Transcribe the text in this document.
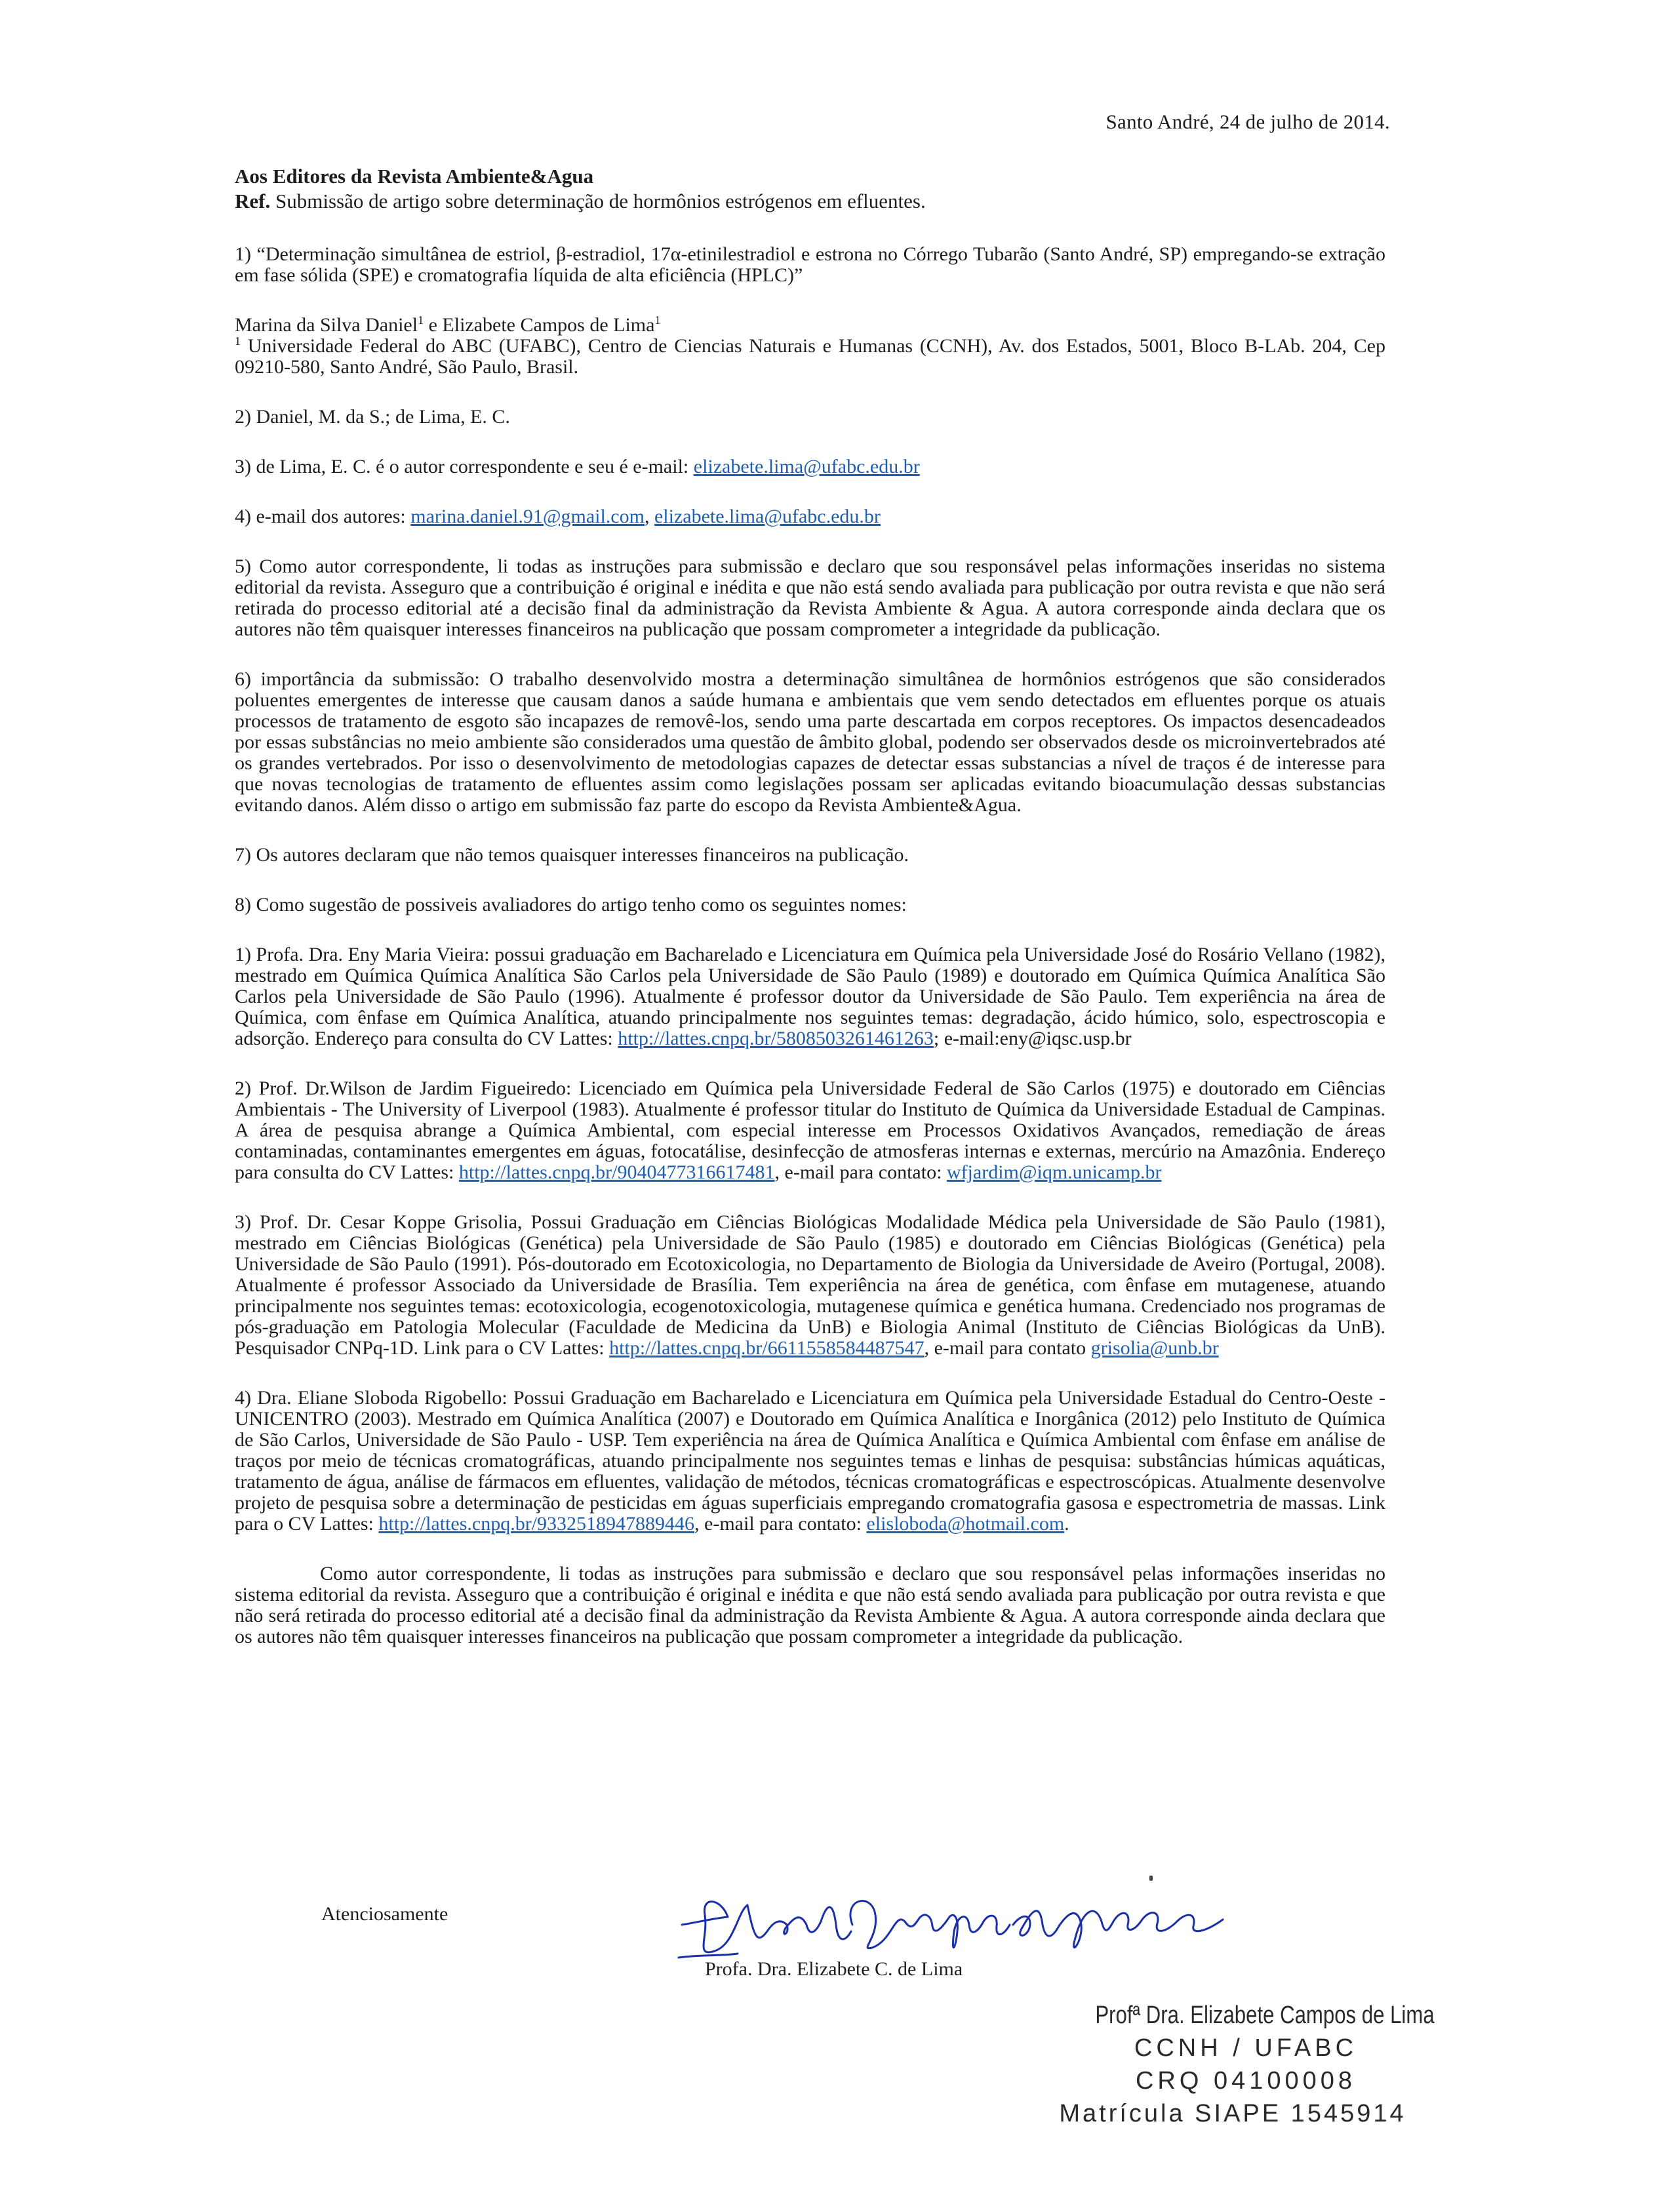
Santo André, 24 de julho de 2014.
Aos Editores da Revista Ambiente&Agua
Ref. Submissão de artigo sobre determinação de hormônios estrógenos em efluentes.

1) “Determinação simultânea de estriol, β-estradiol, 17α-etinilestradiol e estrona no Córrego Tubarão (Santo André, SP) empregando-se extração em fase sólida (SPE) e cromatografia líquida de alta eficiência (HPLC)”

Marina da Silva Daniel$^1$ e Elizabete Campos de Lima$^1$

$^1$ Universidade Federal do ABC (UFABC), Centro de Ciencias Naturais e Humanas (CCNH), Av. dos Estados, 5001, Bloco B-LAb. 204, Cep 09210-580, Santo André, São Paulo, Brasil.

2) Daniel, M. da S.; de Lima, E. C.

3) de Lima, E. C. é o autor correspondente e seu é e-mail: elizabete.lima@ufabc.edu.br

4) e-mail dos autores: marina.daniel.91@gmail.com, elizabete.lima@ufabc.edu.br

5) Como autor correspondente, li todas as instruções para submissão e declaro que sou responsável pelas informações inseridas no sistema editorial da revista. Asseguro que a contribuição é original e inédita e que não está sendo avaliada para publicação por outra revista e que não será retirada do processo editorial até a decisão final da administração da Revista Ambiente & Agua. A autora corresponde ainda declara que os autores não têm quaisquer interesses financeiros na publicação que possam comprometer a integridade da publicação.

6) importância da submissão: O trabalho desenvolvido mostra a determinação simultânea de hormônios estrógenos que são considerados poluentes emergentes de interesse que causam danos a saúde humana e ambientais que vem sendo detectados em efluentes porque os atuais processos de tratamento de esgoto são incapazes de removê-los, sendo uma parte descartada em corpos receptores. Os impactos desencadeados por essas substâncias no meio ambiente são considerados uma questão de âmbito global, podendo ser observados desde os microinvertebrados até os grandes vertebrados. Por isso o desenvolvimento de metodologias capazes de detectar essas substancias a nível de traços é de interesse para que novas tecnologias de tratamento de efluentes assim como legislações possam ser aplicadas evitando bioacumulação dessas substancias evitando danos. Além disso o artigo em submissão faz parte do escopo da Revista Ambiente&Agua.

7) Os autores declaram que não temos quaisquer interesses financeiros na publicação.

8) Como sugestão de possiveis avaliadores do artigo tenho como os seguintes nomes:

1) Profa. Dra. Eny Maria Vieira: possui graduação em Bacharelado e Licenciatura em Química pela Universidade José do Rosário Vellano (1982), mestrado em Química Química Analítica São Carlos pela Universidade de São Paulo (1989) e doutorado em Química Química Analítica São Carlos pela Universidade de São Paulo (1996). Atualmente é professor doutor da Universidade de São Paulo. Tem experiência na área de Química, com ênfase em Química Analítica, atuando principalmente nos seguintes temas: degradação, ácido húmico, solo, espectroscopia e adsorção. Endereço para consulta do CV Lattes: http://lattes.cnpq.br/5808503261461263; e-mail:eny@iqsc.usp.br

2) Prof. Dr.Wilson de Jardim Figueiredo: Licenciado em Química pela Universidade Federal de São Carlos (1975) e doutorado em Ciências Ambientais - The University of Liverpool (1983). Atualmente é professor titular do Instituto de Química da Universidade Estadual de Campinas. A área de pesquisa abrange a Química Ambiental, com especial interesse em Processos Oxidativos Avançados, remediação de áreas contaminadas, contaminantes emergentes em águas, fotocatálise, desinfecção de atmosferas internas e externas, mercúrio na Amazônia. Endereço para consulta do CV Lattes: http://lattes.cnpq.br/9040477316617481, e-mail para contato: wfjardim@iqm.unicamp.br

3) Prof. Dr. Cesar Koppe Grisolia, Possui Graduação em Ciências Biológicas Modalidade Médica pela Universidade de São Paulo (1981), mestrado em Ciências Biológicas (Genética) pela Universidade de São Paulo (1985) e doutorado em Ciências Biológicas (Genética) pela Universidade de São Paulo (1991). Pós-doutorado em Ecotoxicologia, no Departamento de Biologia da Universidade de Aveiro (Portugal, 2008). Atualmente é professor Associado da Universidade de Brasília. Tem experiência na área de genética, com ênfase em mutagenese, atuando principalmente nos seguintes temas: ecotoxicologia, ecogenotoxicologia, mutagenese química e genética humana. Credenciado nos programas de pós-graduação em Patologia Molecular (Faculdade de Medicina da UnB) e Biologia Animal (Instituto de Ciências Biológicas da UnB). Pesquisador CNPq-1D. Link para o CV Lattes: http://lattes.cnpq.br/6611558584487547, e-mail para contato grisolia@unb.br

4) Dra. Eliane Sloboda Rigobello: Possui Graduação em Bacharelado e Licenciatura em Química pela Universidade Estadual do Centro-Oeste - UNICENTRO (2003). Mestrado em Química Analítica (2007) e Doutorado em Química Analítica e Inorgânica (2012) pelo Instituto de Química de São Carlos, Universidade de São Paulo - USP. Tem experiência na área de Química Analítica e Química Ambiental com ênfase em análise de traços por meio de técnicas cromatográficas, atuando principalmente nos seguintes temas e linhas de pesquisa: substâncias húmicas aquáticas, tratamento de água, análise de fármacos em efluentes, validação de métodos, técnicas cromatográficas e espectroscópicas. Atualmente desenvolve projeto de pesquisa sobre a determinação de pesticidas em águas superficiais empregando cromatografia gasosa e espectrometria de massas. Link para o CV Lattes: http://lattes.cnpq.br/9332518947889446, e-mail para contato: elisloboda@hotmail.com.

Como autor correspondente, li todas as instruções para submissão e declaro que sou responsável pelas informações inseridas no sistema editorial da revista. Asseguro que a contribuição é original e inédita e que não está sendo avaliada para publicação por outra revista e que não será retirada do processo editorial até a decisão final da administração da Revista Ambiente & Agua. A autora corresponde ainda declara que os autores não têm quaisquer interesses financeiros na publicação que possam comprometer a integridade da publicação.

Atenciosamente
Profa. Dra. Elizabete C. de Lima
Profª Dra. Elizabete Campos de Lima
CCNH / UFABC
CRQ 04100008
Matrícula SIAPE 1545914
